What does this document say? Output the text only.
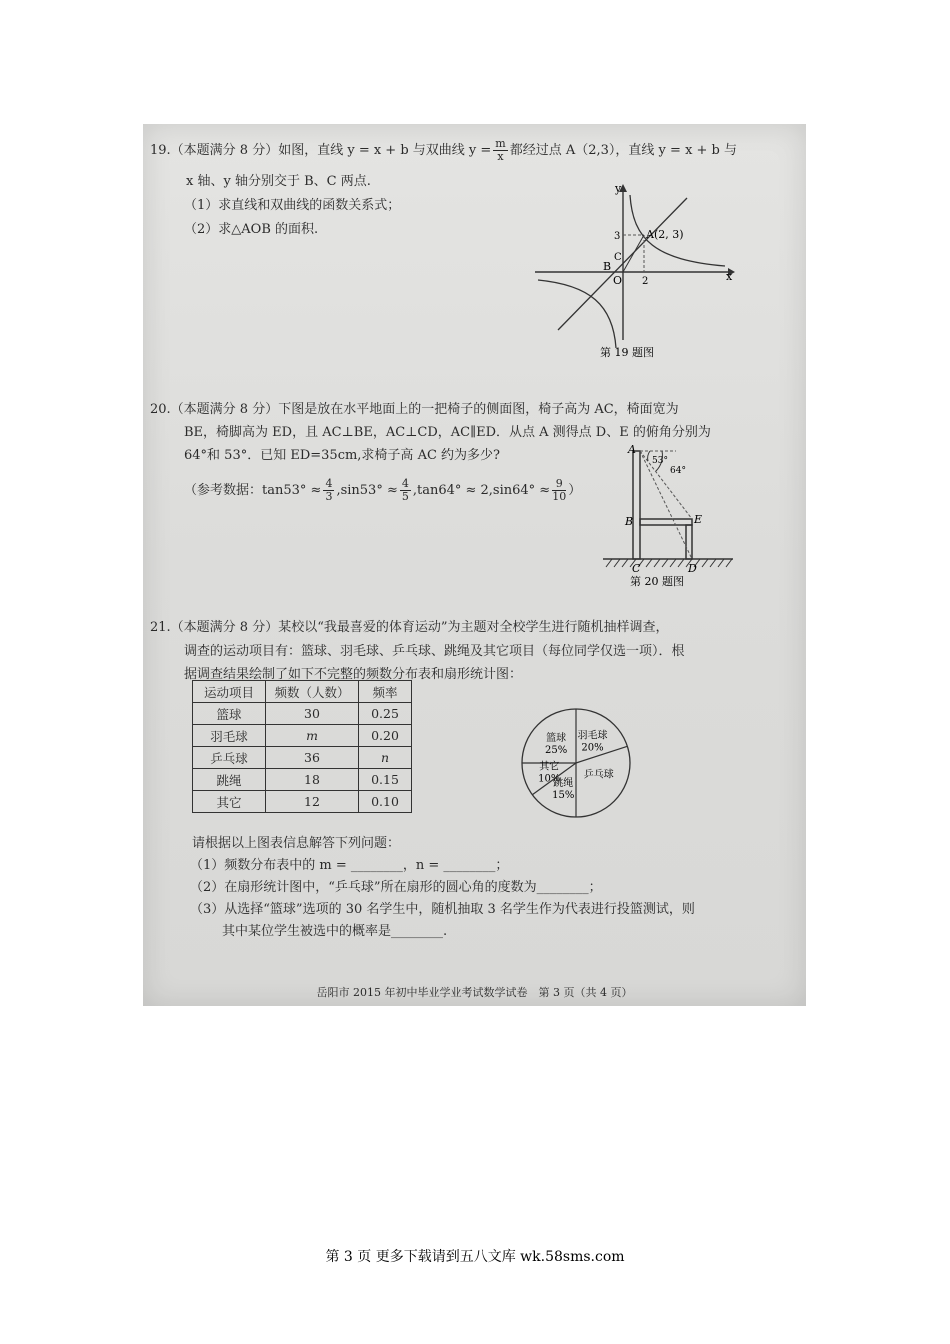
19.（本题满分 8 分）如图，直线 y = x + b 与双曲线 $y = \frac{m}{x}$ 都经过点 A（2,3），直线 y = x + b 与
x 轴、y 轴分别交于 B、C 两点.
（1）求直线和双曲线的函数关系式；
（2）求△AOB 的面积.
x
y
O
A(2, 3)
B
C
3
2
第 19 题图
20.（本题满分 8 分）下图是放在水平地面上的一把椅子的侧面图，椅子高为 AC，椅面宽为
BE，椅脚高为 ED，且 AC⊥BE，AC⊥CD，AC∥ED．从点 A 测得点 D、E 的俯角分别为
64°和 53°．已知 ED=35cm,求椅子高 AC 约为多少?
（参考数据：$\tan 53^\circ \approx \frac{4}{3} ,\sin 53^\circ \approx \frac{4}{5} ,\tan 64^\circ \approx 2,\sin 64^\circ \approx \frac{9}{10}$ ）
A
B	E
C	D
53°
64°
第 20 题图
21.（本题满分 8 分）某校以“我最喜爱的体育运动”为主题对全校学生进行随机抽样调查，
调查的运动项目有：篮球、羽毛球、乒乓球、跳绳及其它项目（每位同学仅选一项）．根
据调查结果绘制了如下不完整的频数分布表和扇形统计图：
运动项目	频数（人数）	频率
篮球	30	0.25
羽毛球	m	0.20
乒乓球	36	n
跳绳	18	0.15
其它	12	0.10
篮球
25%
羽毛球
20%
乒乓球
跳绳
15%
其它
10%
请根据以上图表信息解答下列问题：
（1）频数分布表中的 m = ________，n = ________；
（2）在扇形统计图中，“乒乓球”所在扇形的圆心角的度数为________；
（3）从选择“篮球”选项的 30 名学生中，随机抽取 3 名学生作为代表进行投篮测试，则
其中某位学生被选中的概率是________.
岳阳市 2015 年初中毕业学业考试数学试卷　第 3 页（共 4 页）
第 3 页 更多下载请到五八文库 wk.58sms.com
